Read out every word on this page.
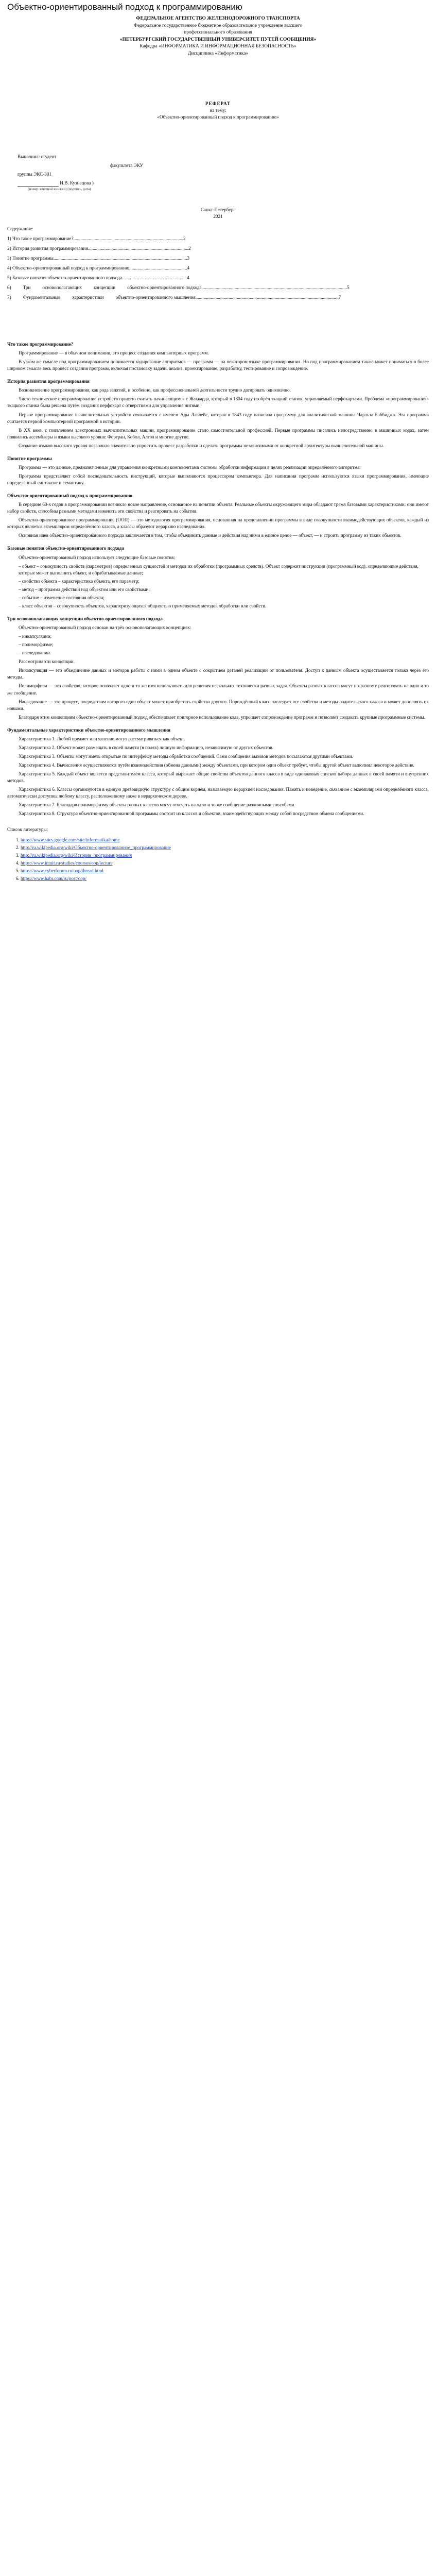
Объектно-ориентированный подход к программированию
ФЕДЕРАЛЬНОЕ АГЕНТСТВО ЖЕЛЕЗНОДОРОЖНОГО ТРАНСПОРТА
Федеральное государственное бюджетное образовательное учреждение высшего
профессионального образования
«ПЕТЕРБУРГСКИЙ ГОСУДАРСТВЕННЫЙ УНИВЕРСИТЕТ ПУТЕЙ СООБЩЕНИЯ»
Кафедра «ИНФОРМАТИКА И ИНФОРМАЦИОННАЯ БЕЗОПАСНОСТЬ»
Дисциплина «Информатика»
РЕФЕРАТ
на тему:
«Объектно-ориентированный подход к программированию»
Выполнил: студент
факультета ЭКУ
группы ЭКС-301
И.В. Кузнецова )
(номер зачетной книжки) (подпись, дата)
Санкт-Петербург
2021
Содержание:
1) Что такое программирование?.............................................................................................2
2) История развития программирования.....................................................................................2
3) Понятие программы.................................................................................................................3
4) Объектно-ориентированный подход к программированию.................................................4
5) Базовые понятия объектно-ориентированного подхода.......................................................4
6)          Три          основополагающих          концепции          объектно-ориентированного подхода...........................................................................................................................5
7)          Фундаментальные          характеристики          объектно-ориентированного мышления.........................................................................................................................7
Что такое программирование?

Программирование — в обычном понимании, это процесс создания компьютерных программ.

В узком же смысле под программированием понимается кодирование алгоритмов — программ — на некотором языке программирования. Но под программированием также может пониматься в более широком смысле весь процесс создания программ, включая постановку задачи, анализ, проектирование, разработку, тестирование и сопровождение.

История развития программирования

Возникновение программирования, как рода занятий, и особенно, как профессиональной деятельности трудно датировать однозначно.

Чисто техническое программирование устройств принято считать начинающимся с Жаккарда, который в 1804 году изобрёл ткацкий станок, управляемый перфокартами. Проблема «программирования» ткацкого станка была решена путём создания перфокарт с отверстиями для управления нитями.

Первое программирование вычислительных устройств связывается с именем Ады Лавлейс, которая в 1843 году написала программу для аналитической машины Чарльза Бэббиджа. Эта программа считается первой компьютерной программой в истории.

В XX веке, с появлением электронных вычислительных машин, программирование стало самостоятельной профессией. Первые программы писались непосредственно в машинных кодах, затем появились ассемблеры и языки высокого уровня: Фортран, Кобол, Алгол и многие другие.

Создание языков высокого уровня позволило значительно упростить процесс разработки и сделать программы независимыми от конкретной архитектуры вычислительной машины.

Понятие программы

Программа — это данные, предназначенные для управления конкретными компонентами системы обработки информации в целях реализации определённого алгоритма.

Программа представляет собой последовательность инструкций, которые выполняются процессором компьютера. Для написания программ используются языки программирования, имеющие определённый синтаксис и семантику.

Объектно-ориентированный подход к программированию

В середине 60-х годов в программировании возникло новое направление, основанное на понятии объекта. Реальные объекты окружающего мира обладают тремя базовыми характеристиками: они имеют набор свойств, способны разными методами изменять эти свойства и реагировать на события.

Объектно-ориентированное программирование (ООП) — это методология программирования, основанная на представлении программы в виде совокупности взаимодействующих объектов, каждый из которых является экземпляром определённого класса, а классы образуют иерархию наследования.

Основная идея объектно-ориентированного подхода заключается в том, чтобы объединить данные и действия над ними в единое целое — объект, — и строить программу из таких объектов.

Базовые понятия объектно-ориентированного подхода

Объектно-ориентированный подход использует следующие базовые понятия:

– объект – совокупность свойств (параметров) определенных сущностей и методов их обработки (программных средств). Объект содержит инструкции (программный код), определяющие действия, которые может выполнить объект, и обрабатываемые данные;
– свойство объекта – характеристика объекта, его параметр;
– метод – программа действий над объектом или его свойствами;
– событие – изменение состояния объекта;
– класс объектов – совокупность объектов, характеризующихся общностью применяемых методов обработки или свойств.
Три основополагающих концепции объектно-ориентированного подхода

Объектно-ориентированный подход основан на трёх основополагающих концепциях:

– инкапсуляции;
– полиморфизме;
– наследовании.

Рассмотрим эти концепции.

Инкапсуляция — это объединение данных и методов работы с ними в одном объекте с сокрытием деталей реализации от пользователя. Доступ к данным объекта осуществляется только через его методы.

Полиморфизм — это свойство, которое позволяет одно и то же имя использовать для решения нескольких технически разных задач. Объекты разных классов могут по-разному реагировать на одно и то же сообщение.

Наследование — это процесс, посредством которого один объект может приобретать свойства другого. Порождённый класс наследует все свойства и методы родительского класса и может дополнять их новыми.

Благодаря этим концепциям объектно-ориентированный подход обеспечивает повторное использование кода, упрощает сопровождение программ и позволяет создавать крупные программные системы.

Фундаментальные характеристики объектно-ориентированного мышления

Характеристика 1. Любой предмет или явление могут рассматриваться как объект.

Характеристика 2. Объект может размещать в своей памяти (в полях) личную информацию, независимую от других объектов.

Характеристика 3. Объекты могут иметь открытые по интерфейсу методы обработки сообщений. Сами сообщения вызовов методов посылаются другими объектами.

Характеристика 4. Вычисления осуществляются путём взаимодействия (обмена данными) между объектами, при котором один объект требует, чтобы другой объект выполнил некоторое действие.

Характеристика 5. Каждый объект является представителем класса, который выражает общие свойства объектов данного класса в виде одинаковых списков набора данных в своей памяти и внутренних методов.

Характеристика 6. Классы организуются в единую древовидную структуру с общим корнем, называемую иерархией наследования. Память и поведение, связанное с экземплярами определённого класса, автоматически доступны любому классу, расположенному ниже в иерархическом дереве.

Характеристика 7. Благодаря полиморфизму объекты разных классов могут отвечать на одно и то же сообщение различными способами.

Характеристика 8. Структура объектно-ориентированной программы состоит из классов и объектов, взаимодействующих между собой посредством обмена сообщениями.

Список литературы:
1. https://www.sites.google.com/site/informatika/home
2. http://ru.wikipedia.org/wiki/Объектно-ориентированное_программирование
3. http://ru.wikipedia.org/wiki/История_программирования
4. https://www.intuit.ru/studies/courses/oop/lecture
5. https://www.cyberforum.ru/oop/thread.html
6. https://www.habr.com/ru/post/oop/
